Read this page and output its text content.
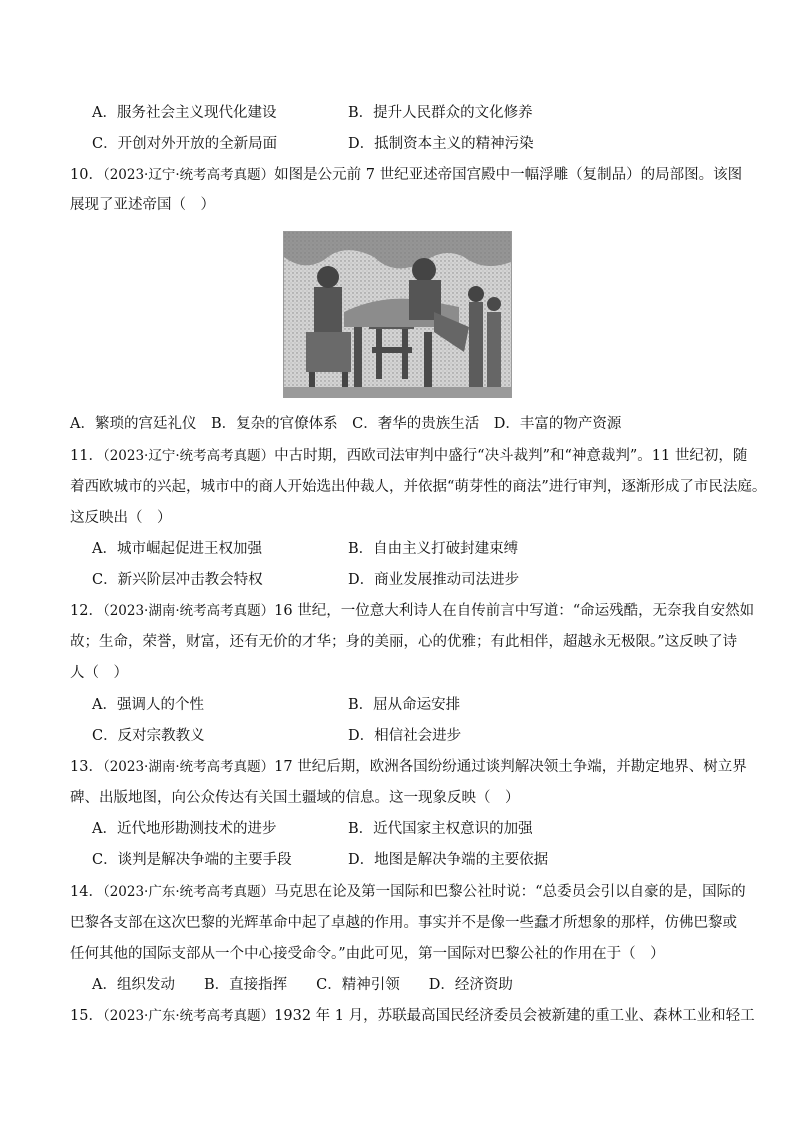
A．服务社会主义现代化建设	B．提升人民群众的文化修养
C．开创对外开放的全新局面	D．抵制资本主义的精神污染
10．（2023·辽宁·统考高考真题）如图是公元前 7 世纪亚述帝国宫殿中一幅浮雕（复制品）的局部图。该图
展现了亚述帝国（　）
A．繁琐的宫廷礼仪　B．复杂的官僚体系　C．奢华的贵族生活　D．丰富的物产资源
11．（2023·辽宁·统考高考真题）中古时期，西欧司法审判中盛行“决斗裁判”和“神意裁判”。11 世纪初，随
着西欧城市的兴起，城市中的商人开始选出仲裁人，并依据“萌芽性的商法”进行审判，逐渐形成了市民法庭。
这反映出（　）
A．城市崛起促进王权加强	B．自由主义打破封建束缚
C．新兴阶层冲击教会特权	D．商业发展推动司法进步
12．（2023·湖南·统考高考真题）16 世纪，一位意大利诗人在自传前言中写道：“命运残酷，无奈我自安然如
故；生命，荣誉，财富，还有无价的才华；身的美丽，心的优雅；有此相伴，超越永无极限。”这反映了诗
人（　）
A．强调人的个性	B．屈从命运安排
C．反对宗教教义	D．相信社会进步
13．（2023·湖南·统考高考真题）17 世纪后期，欧洲各国纷纷通过谈判解决领土争端，并勘定地界、树立界
碑、出版地图，向公众传达有关国土疆域的信息。这一现象反映（　）
A．近代地形勘测技术的进步	B．近代国家主权意识的加强
C．谈判是解决争端的主要手段	D．地图是解决争端的主要依据
14．（2023·广东·统考高考真题）马克思在论及第一国际和巴黎公社时说：“总委员会引以自豪的是，国际的
巴黎各支部在这次巴黎的光辉革命中起了卓越的作用。事实并不是像一些蠢才所想象的那样，仿佛巴黎或
任何其他的国际支部从一个中心接受命令。”由此可见，第一国际对巴黎公社的作用在于（　）
A．组织发动　　B．直接指挥　　C．精神引领　　D．经济资助
15．（2023·广东·统考高考真题）1932 年 1 月，苏联最高国民经济委员会被新建的重工业、森林工业和轻工
